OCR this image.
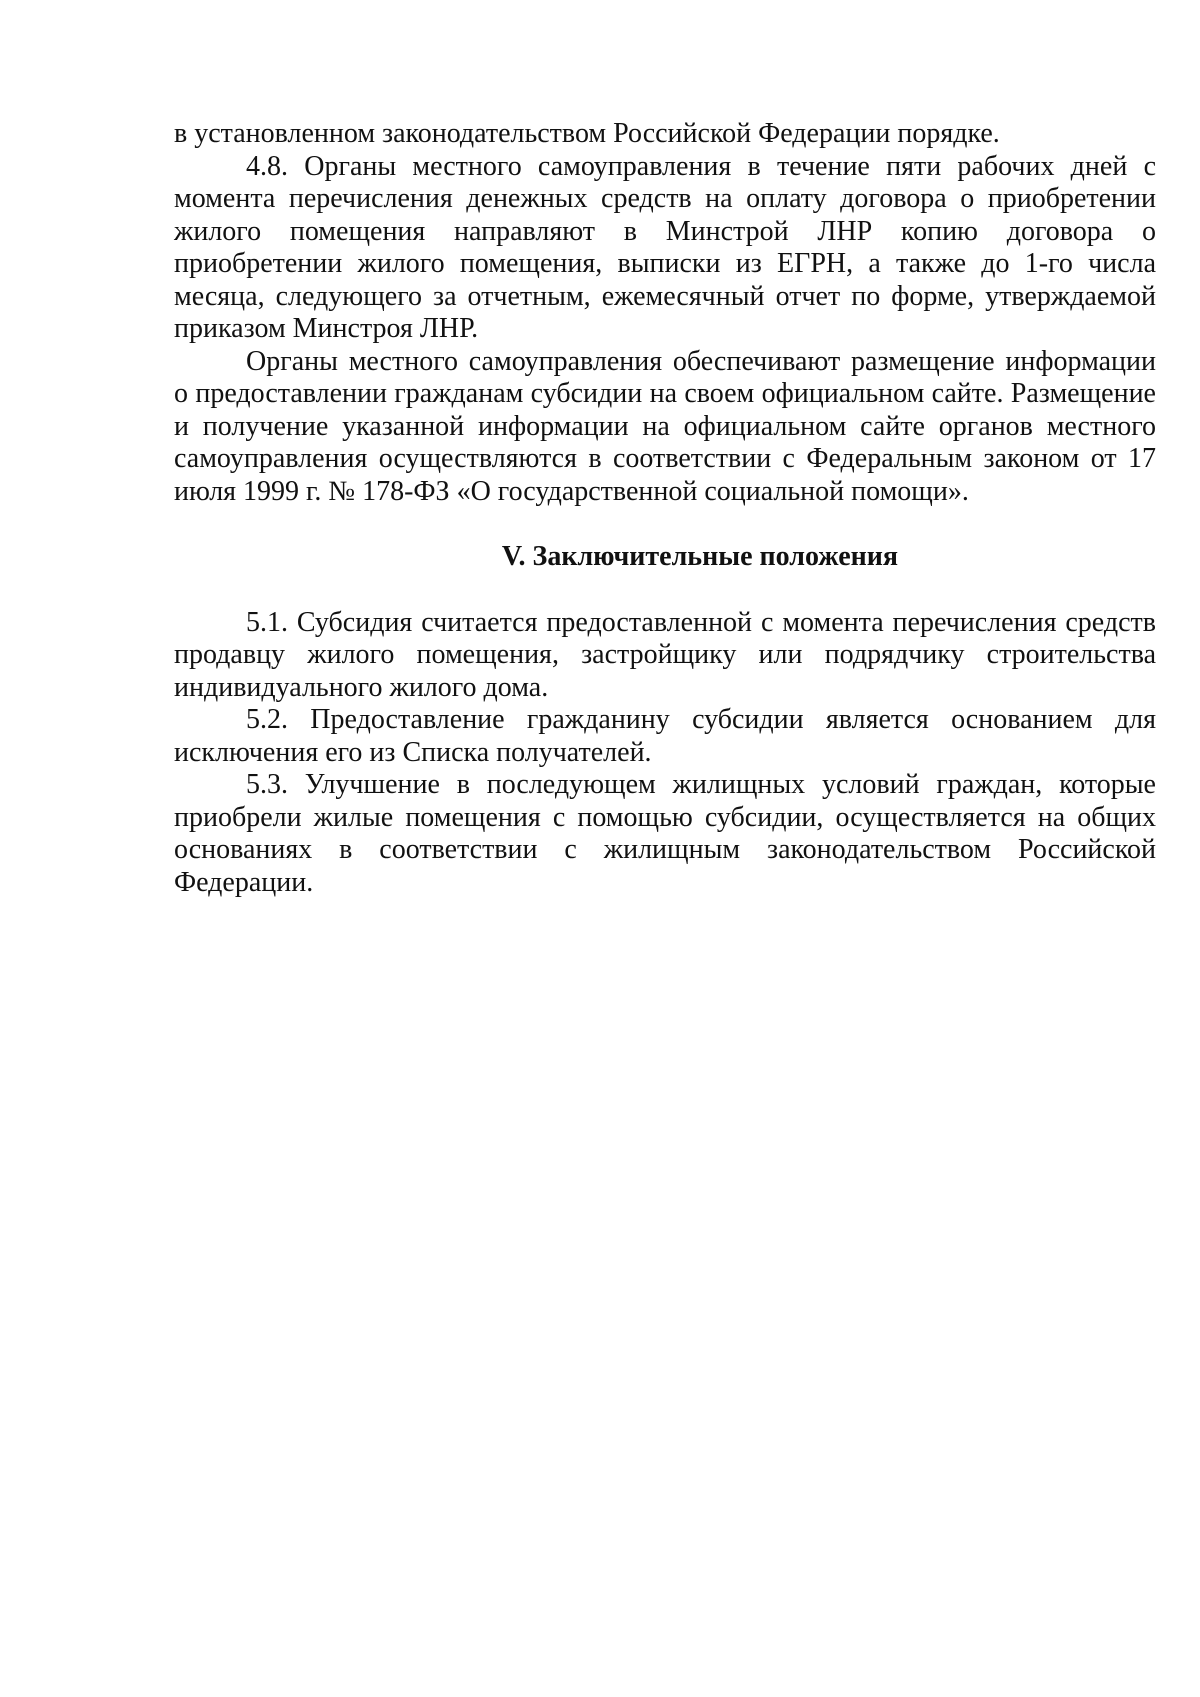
в установленном законодательством Российской Федерации порядке.

4.8. Органы местного самоуправления в течение пяти рабочих дней с момента перечисления денежных средств на оплату договора о приобретении жилого помещения направляют в Минстрой ЛНР копию договора о приобретении жилого помещения, выписки из ЕГРН, а также до 1-го числа месяца, следующего за отчетным, ежемесячный отчет по форме, утверждаемой приказом Минстроя ЛНР.

Органы местного самоуправления обеспечивают размещение информации о предоставлении гражданам субсидии на своем официальном сайте. Размещение и получение указанной информации на официальном сайте органов местного самоуправления осуществляются в соответствии с Федеральным законом от 17 июля 1999 г. № 178-ФЗ «О государственной социальной помощи».

V. Заключительные положения

5.1. Субсидия считается предоставленной с момента перечисления средств продавцу жилого помещения, застройщику или подрядчику строительства индивидуального жилого дома.

5.2. Предоставление гражданину субсидии является основанием для исключения его из Списка получателей.

5.3. Улучшение в последующем жилищных условий граждан, которые приобрели жилые помещения с помощью субсидии, осуществляется на общих основаниях в соответствии с жилищным законодательством Российской Федерации.
